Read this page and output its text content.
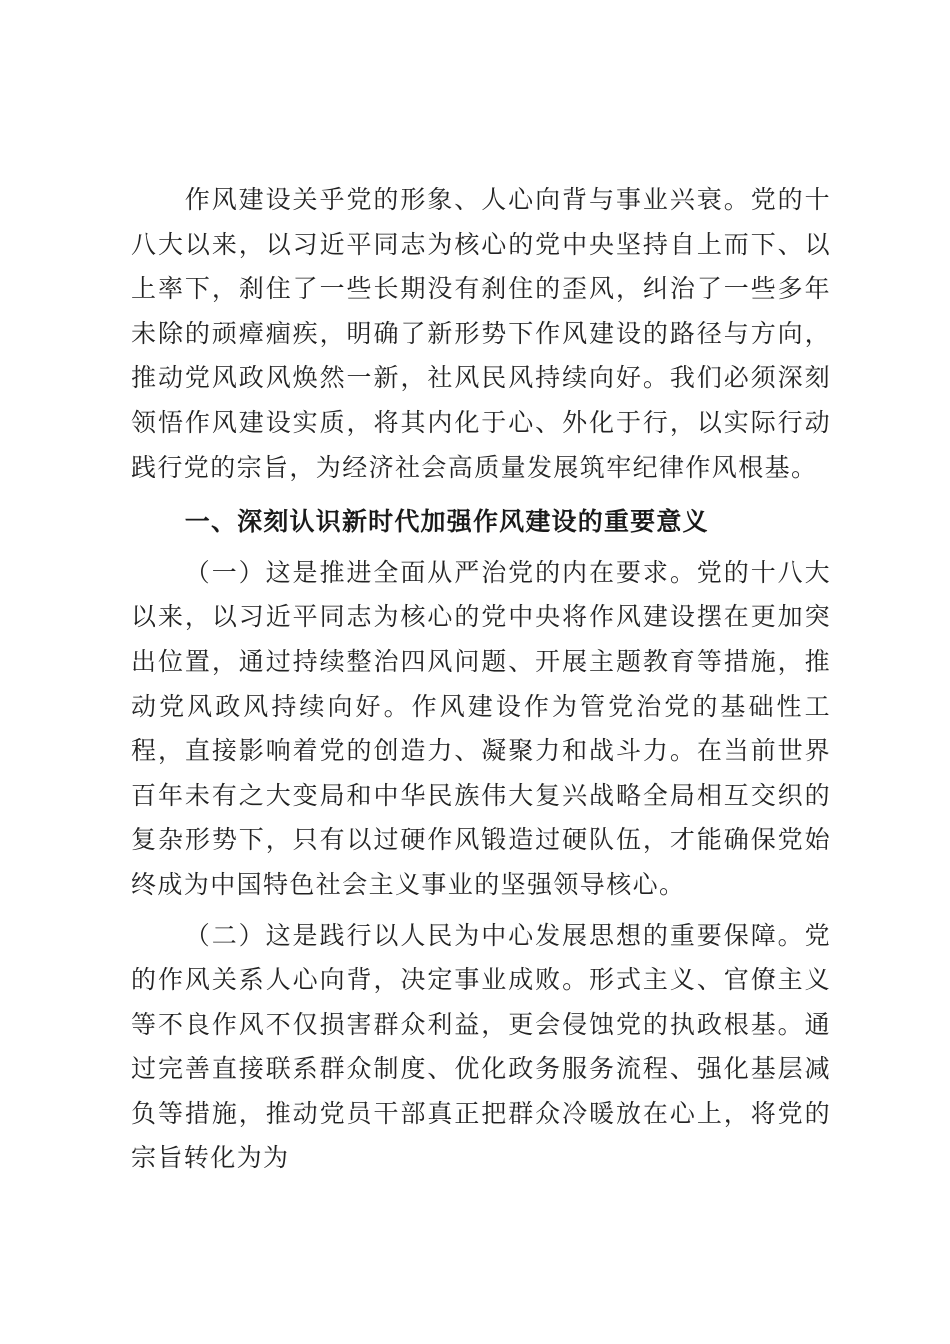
作风建设关乎党的形象、人心向背与事业兴衰。党的十八大以来，以习近平同志为核心的党中央坚持自上而下、以上率下，刹住了一些长期没有刹住的歪风，纠治了一些多年未除的顽瘴痼疾，明确了新形势下作风建设的路径与方向，推动党风政风焕然一新，社风民风持续向好。我们必须深刻领悟作风建设实质，将其内化于心、外化于行，以实际行动践行党的宗旨，为经济社会高质量发展筑牢纪律作风根基。

一、深刻认识新时代加强作风建设的重要意义

（一）这是推进全面从严治党的内在要求。党的十八大以来，以习近平同志为核心的党中央将作风建设摆在更加突出位置，通过持续整治四风问题、开展主题教育等措施，推动党风政风持续向好。作风建设作为管党治党的基础性工程，直接影响着党的创造力、凝聚力和战斗力。在当前世界百年未有之大变局和中华民族伟大复兴战略全局相互交织的复杂形势下，只有以过硬作风锻造过硬队伍，才能确保党始终成为中国特色社会主义事业的坚强领导核心。

（二）这是践行以人民为中心发展思想的重要保障。党的作风关系人心向背，决定事业成败。形式主义、官僚主义等不良作风不仅损害群众利益，更会侵蚀党的执政根基。通过完善直接联系群众制度、优化政务服务流程、强化基层减负等措施，推动党员干部真正把群众冷暖放在心上，将党的宗旨转化为为
